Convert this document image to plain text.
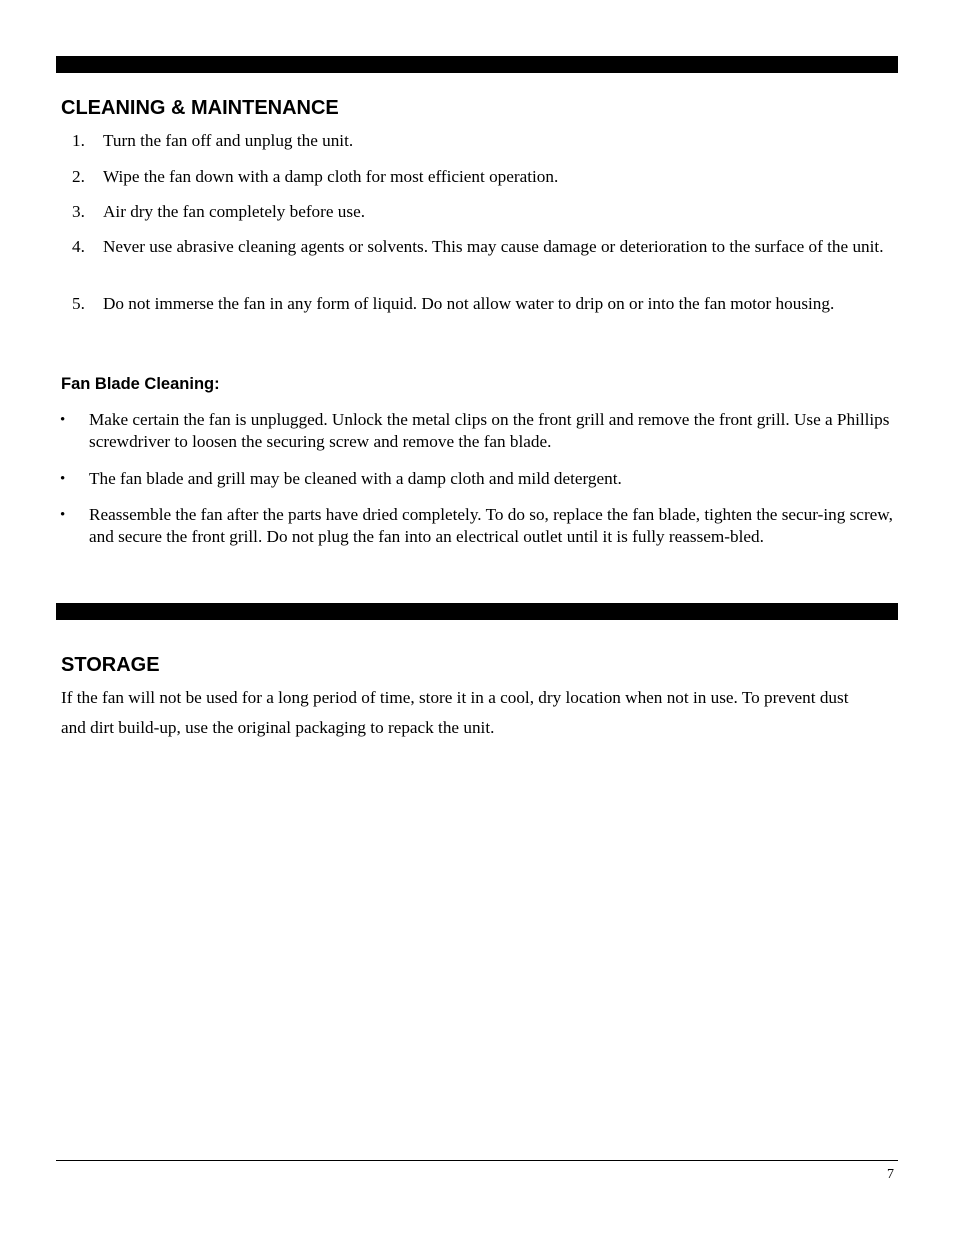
CLEANING & MAINTENANCE
1. Turn the fan off and unplug the unit.
2. Wipe the fan down with a damp cloth for most efficient operation.
3. Air dry the fan completely before use.
4. Never use abrasive cleaning agents or solvents. This may cause damage or deterioration to the surface of the unit.
5. Do not immerse the fan in any form of liquid. Do not allow water to drip on or into the fan motor housing.
Fan Blade Cleaning:
• Make certain the fan is unplugged. Unlock the metal clips on the front grill and remove the front grill. Use a Phillips screwdriver to loosen the securing screw and remove the fan blade.
• The fan blade and grill may be cleaned with a damp cloth and mild detergent.
• Reassemble the fan after the parts have dried completely. To do so, replace the fan blade, tighten the secur-ing screw, and secure the front grill. Do not plug the fan into an electrical outlet until it is fully reassem-bled.
STORAGE

If the fan will not be used for a long period of time, store it in a cool, dry location when not in use. To prevent dust and dirt build-up, use the original packaging to repack the unit.

7
